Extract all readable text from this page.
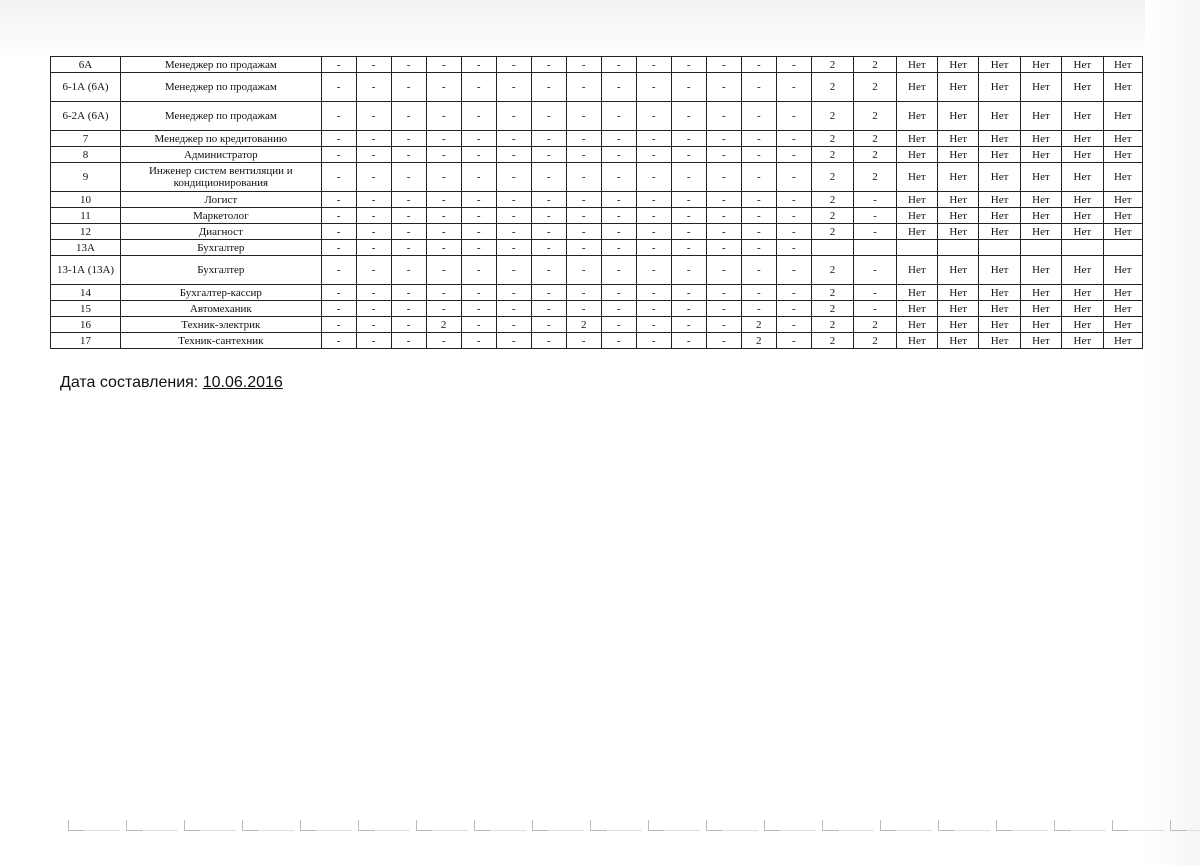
6А	Менеджер по продажам	-	-	-	-	-	-	-	-	-	-	-	-	-	-	2	2	Нет	Нет	Нет	Нет	Нет	Нет
6-1А (6А)	Менеджер по продажам	-	-	-	-	-	-	-	-	-	-	-	-	-	-	2	2	Нет	Нет	Нет	Нет	Нет	Нет
6-2А (6А)	Менеджер по продажам	-	-	-	-	-	-	-	-	-	-	-	-	-	-	2	2	Нет	Нет	Нет	Нет	Нет	Нет
7	Менеджер по кредитованию	-	-	-	-	-	-	-	-	-	-	-	-	-	-	2	2	Нет	Нет	Нет	Нет	Нет	Нет
8	Администратор	-	-	-	-	-	-	-	-	-	-	-	-	-	-	2	2	Нет	Нет	Нет	Нет	Нет	Нет
9	Инженер систем вентиляции и кондиционирования	-	-	-	-	-	-	-	-	-	-	-	-	-	-	2	2	Нет	Нет	Нет	Нет	Нет	Нет
10	Логист	-	-	-	-	-	-	-	-	-	-	-	-	-	-	2	-	Нет	Нет	Нет	Нет	Нет	Нет
11	Маркетолог	-	-	-	-	-	-	-	-	-	-	-	-	-	-	2	-	Нет	Нет	Нет	Нет	Нет	Нет
12	Диагност	-	-	-	-	-	-	-	-	-	-	-	-	-	-	2	-	Нет	Нет	Нет	Нет	Нет	Нет
13А	Бухгалтер	-	-	-	-	-	-	-	-	-	-	-	-	-	-								
13-1А (13А)	Бухгалтер	-	-	-	-	-	-	-	-	-	-	-	-	-	-	2	-	Нет	Нет	Нет	Нет	Нет	Нет
14	Бухгалтер-кассир	-	-	-	-	-	-	-	-	-	-	-	-	-	-	2	-	Нет	Нет	Нет	Нет	Нет	Нет
15	Автомеханик	-	-	-	-	-	-	-	-	-	-	-	-	-	-	2	-	Нет	Нет	Нет	Нет	Нет	Нет
16	Техник-электрик	-	-	-	2	-	-	-	2	-	-	-	-	2	-	2	2	Нет	Нет	Нет	Нет	Нет	Нет
17	Техник-сантехник	-	-	-	-	-	-	-	-	-	-	-	-	2	-	2	2	Нет	Нет	Нет	Нет	Нет	Нет
Дата составления: 10.06.2016
